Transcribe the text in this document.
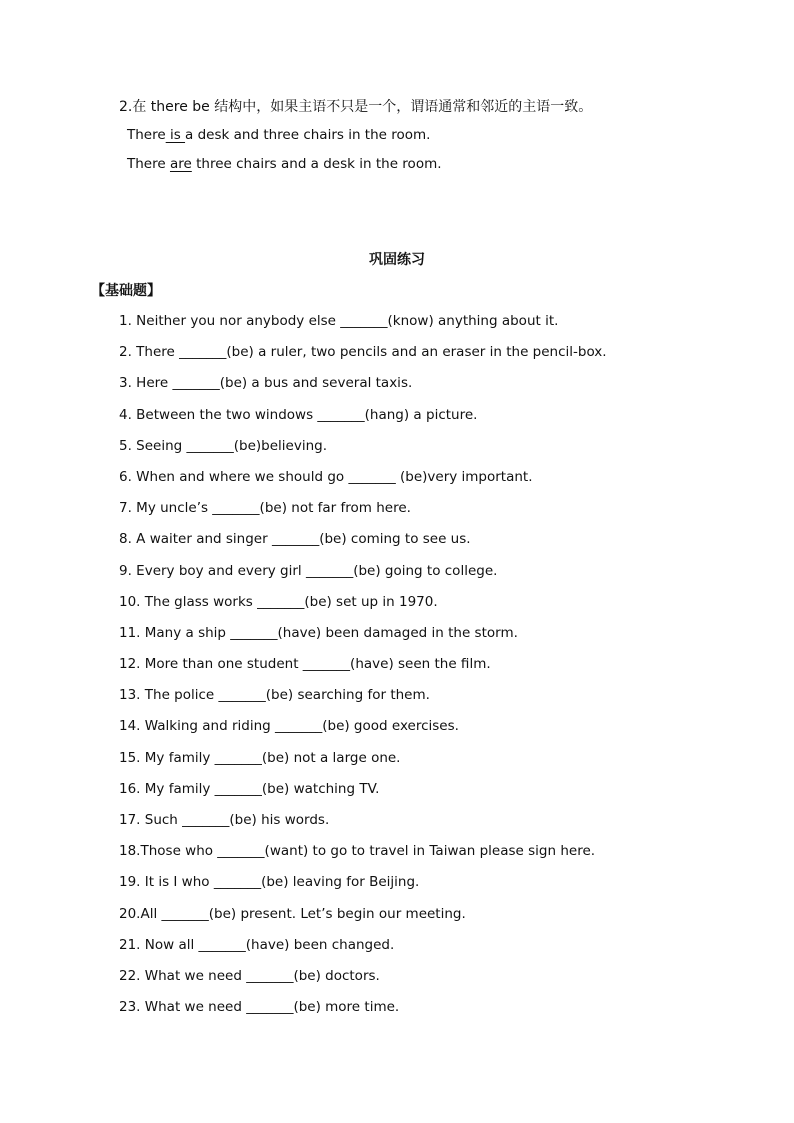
2.在 there be 结构中，如果主语不只是一个，谓语通常和邻近的主语一致。
There is a desk and three chairs in the room.
There are three chairs and a desk in the room.
巩固练习
【基础题】
1. Neither you nor anybody else _______(know) anything about it.
2. There _______(be) a ruler, two pencils and an eraser in the pencil-box.
3. Here _______(be) a bus and several taxis.
4. Between the two windows _______(hang) a picture.
5. Seeing _______(be)believing.
6. When and where we should go _______ (be)very important.
7. My uncle’s _______(be) not far from here.
8. A waiter and singer _______(be) coming to see us.
9. Every boy and every girl _______(be) going to college.
10. The glass works _______(be) set up in 1970.
11. Many a ship _______(have) been damaged in the storm.
12. More than one student _______(have) seen the film.
13. The police _______(be) searching for them.
14. Walking and riding _______(be) good exercises.
15. My family _______(be) not a large one.
16. My family _______(be) watching TV.
17. Such _______(be) his words.
18.Those who _______(want) to go to travel in Taiwan please sign here.
19. It is I who _______(be) leaving for Beijing.
20.All _______(be) present. Let’s begin our meeting.
21. Now all _______(have) been changed.
22. What we need _______(be) doctors.
23. What we need _______(be) more time.
